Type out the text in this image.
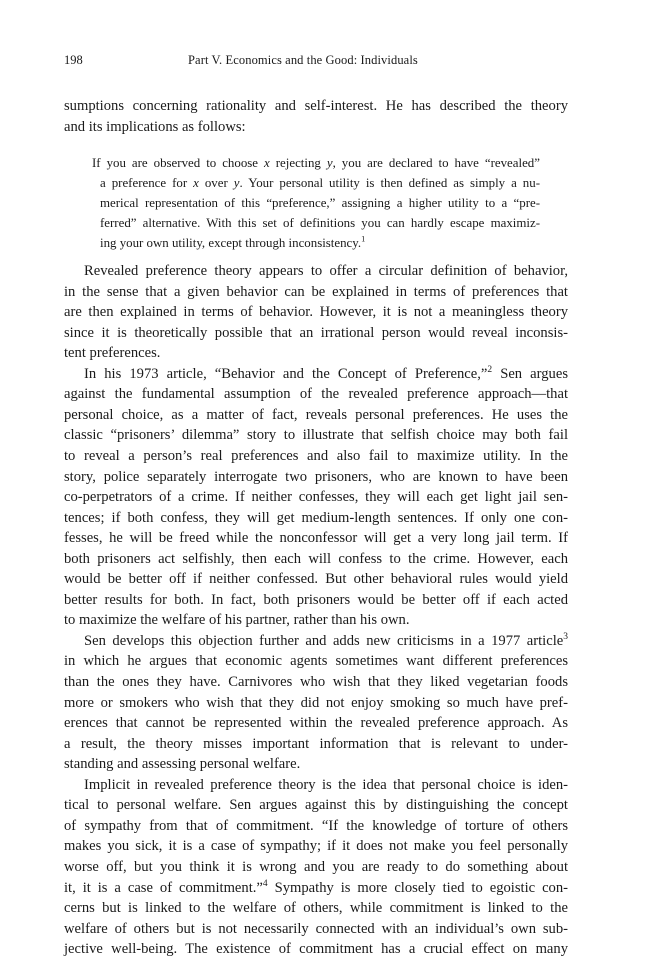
198	Part V. Economics and the Good: Individuals

sumptions concerning rationality and self-interest. He has described the theory
and its implications as follows:

If you are observed to choose x rejecting y, you are declared to have “revealed”
a preference for x over y. Your personal utility is then defined as simply a nu-
merical representation of this “preference,” assigning a higher utility to a “pre-
ferred” alternative. With this set of definitions you can hardly escape maximiz-
ing your own utility, except through inconsistency.$^1$

Revealed preference theory appears to offer a circular definition of behavior,

in the sense that a given behavior can be explained in terms of preferences that
are then explained in terms of behavior. However, it is not a meaningless theory
since it is theoretically possible that an irrational person would reveal inconsis-
tent preferences.

In his 1973 article, “Behavior and the Concept of Preference,”$^2$ Sen argues

against the fundamental assumption of the revealed preference approach—that
personal choice, as a matter of fact, reveals personal preferences. He uses the
classic “prisoners’ dilemma” story to illustrate that selfish choice may both fail
to reveal a person’s real preferences and also fail to maximize utility. In the
story, police separately interrogate two prisoners, who are known to have been
co-perpetrators of a crime. If neither confesses, they will each get light jail sen-
tences; if both confess, they will get medium-length sentences. If only one con-
fesses, he will be freed while the nonconfessor will get a very long jail term. If
both prisoners act selfishly, then each will confess to the crime. However, each
would be better off if neither confessed. But other behavioral rules would yield
better results for both. In fact, both prisoners would be better off if each acted
to maximize the welfare of his partner, rather than his own.

Sen develops this objection further and adds new criticisms in a 1977 article$^3$

in which he argues that economic agents sometimes want different preferences
than the ones they have. Carnivores who wish that they liked vegetarian foods
more or smokers who wish that they did not enjoy smoking so much have pref-
erences that cannot be represented within the revealed preference approach. As
a result, the theory misses important information that is relevant to under-
standing and assessing personal welfare.

Implicit in revealed preference theory is the idea that personal choice is iden-

tical to personal welfare. Sen argues against this by distinguishing the concept
of sympathy from that of commitment. “If the knowledge of torture of others
makes you sick, it is a case of sympathy; if it does not make you feel personally
worse off, but you think it is wrong and you are ready to do something about
it, it is a case of commitment.”$^4$ Sympathy is more closely tied to egoistic con-
cerns but is linked to the welfare of others, while commitment is linked to the
welfare of others but is not necessarily connected with an individual’s own sub-
jective well-being. The existence of commitment has a crucial effect on many
